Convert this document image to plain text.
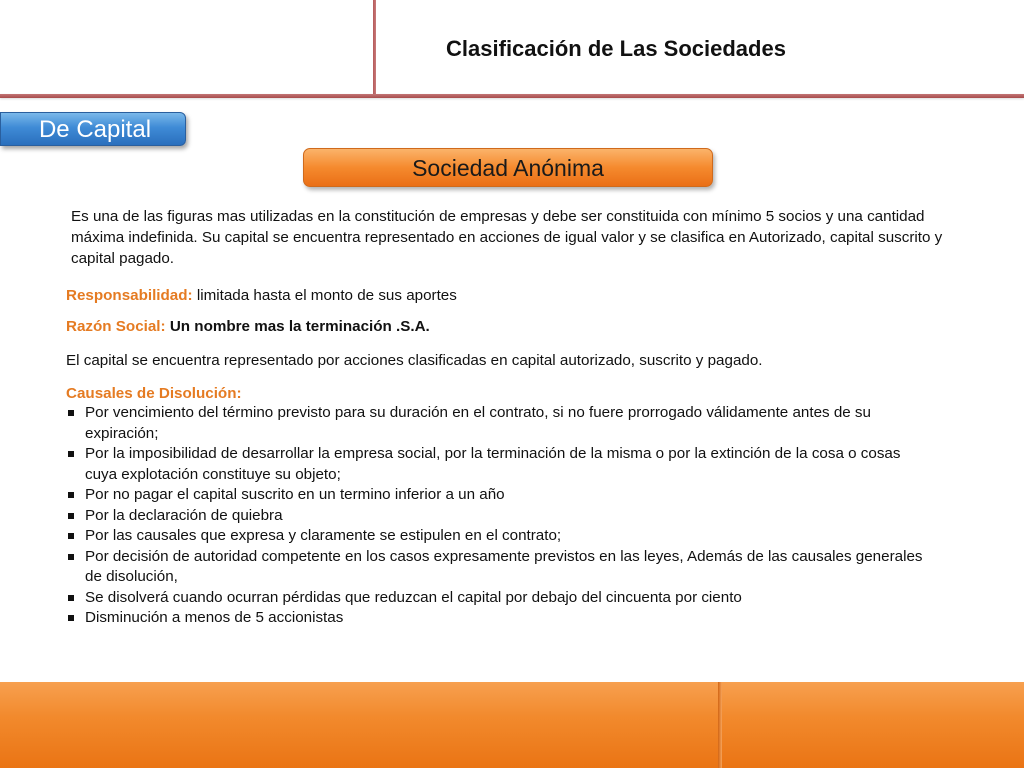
Clasificación de Las Sociedades
De Capital
Sociedad Anónima

Es una de las figuras mas utilizadas en la constitución de empresas y debe ser constituida con mínimo 5 socios y una cantidad máxima indefinida. Su capital se encuentra representado en acciones de igual valor y se clasifica en Autorizado, capital suscrito y capital pagado.

Responsabilidad: limitada hasta el monto de sus aportes

Razón Social: Un nombre mas la terminación .S.A.

El capital se encuentra representado por acciones clasificadas en capital autorizado, suscrito y pagado.

Causales de Disolución:

Por vencimiento del término previsto para su duración en el contrato, si no fuere prorrogado válidamente antes de su expiración;
Por la imposibilidad de desarrollar la empresa social, por la terminación de la misma o por la extinción de la cosa o cosas cuya explotación constituye su objeto;
Por no pagar el capital suscrito en un termino inferior a un año
Por la declaración de quiebra
Por las causales que expresa y claramente se estipulen en el contrato;
Por decisión de autoridad competente en los casos expresamente previstos en las leyes, Además de las causales generales de disolución,
Se disolverá cuando ocurran pérdidas que reduzcan el capital por debajo del cincuenta por ciento
Disminución a menos de 5 accionistas
